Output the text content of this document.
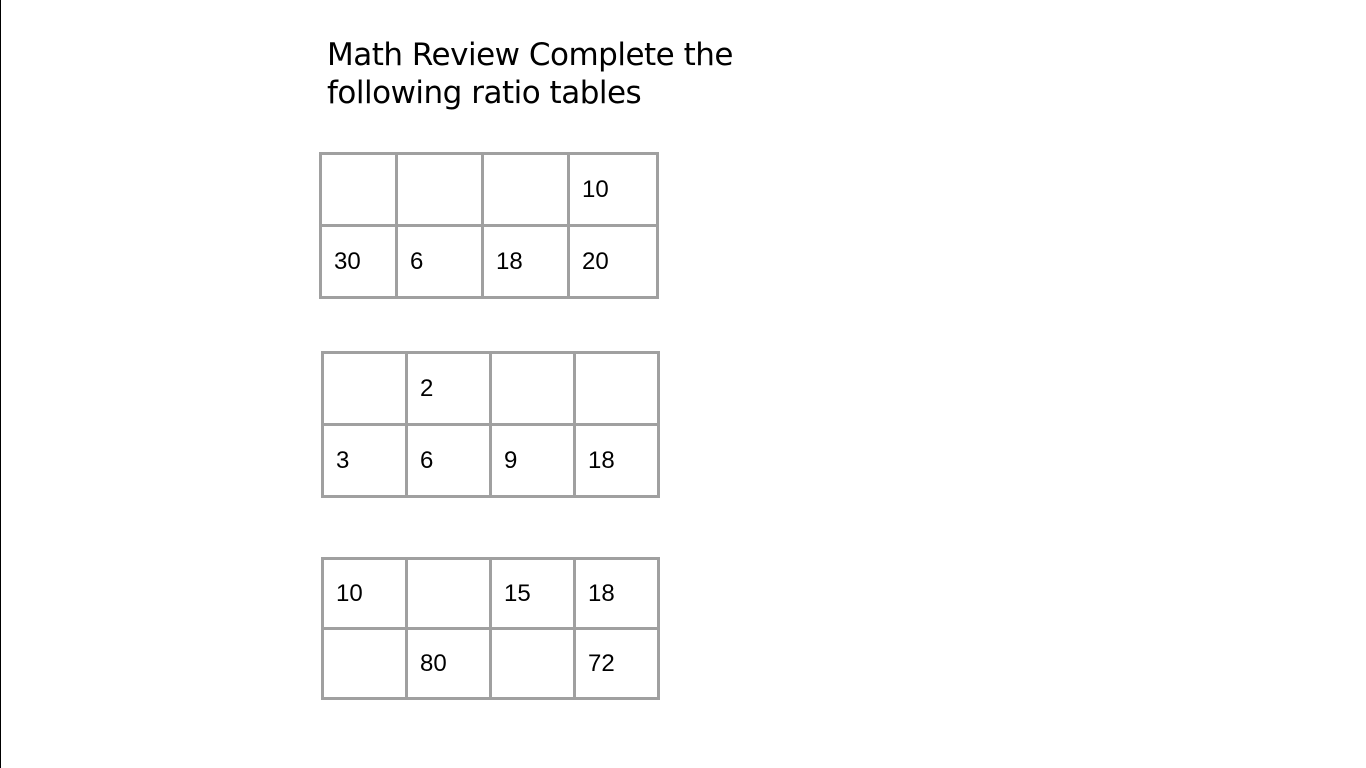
Math Review Complete the
following ratio tables
			10
30	6	18	20
	2		
3	6	9	18
10		15	18
	80		72
